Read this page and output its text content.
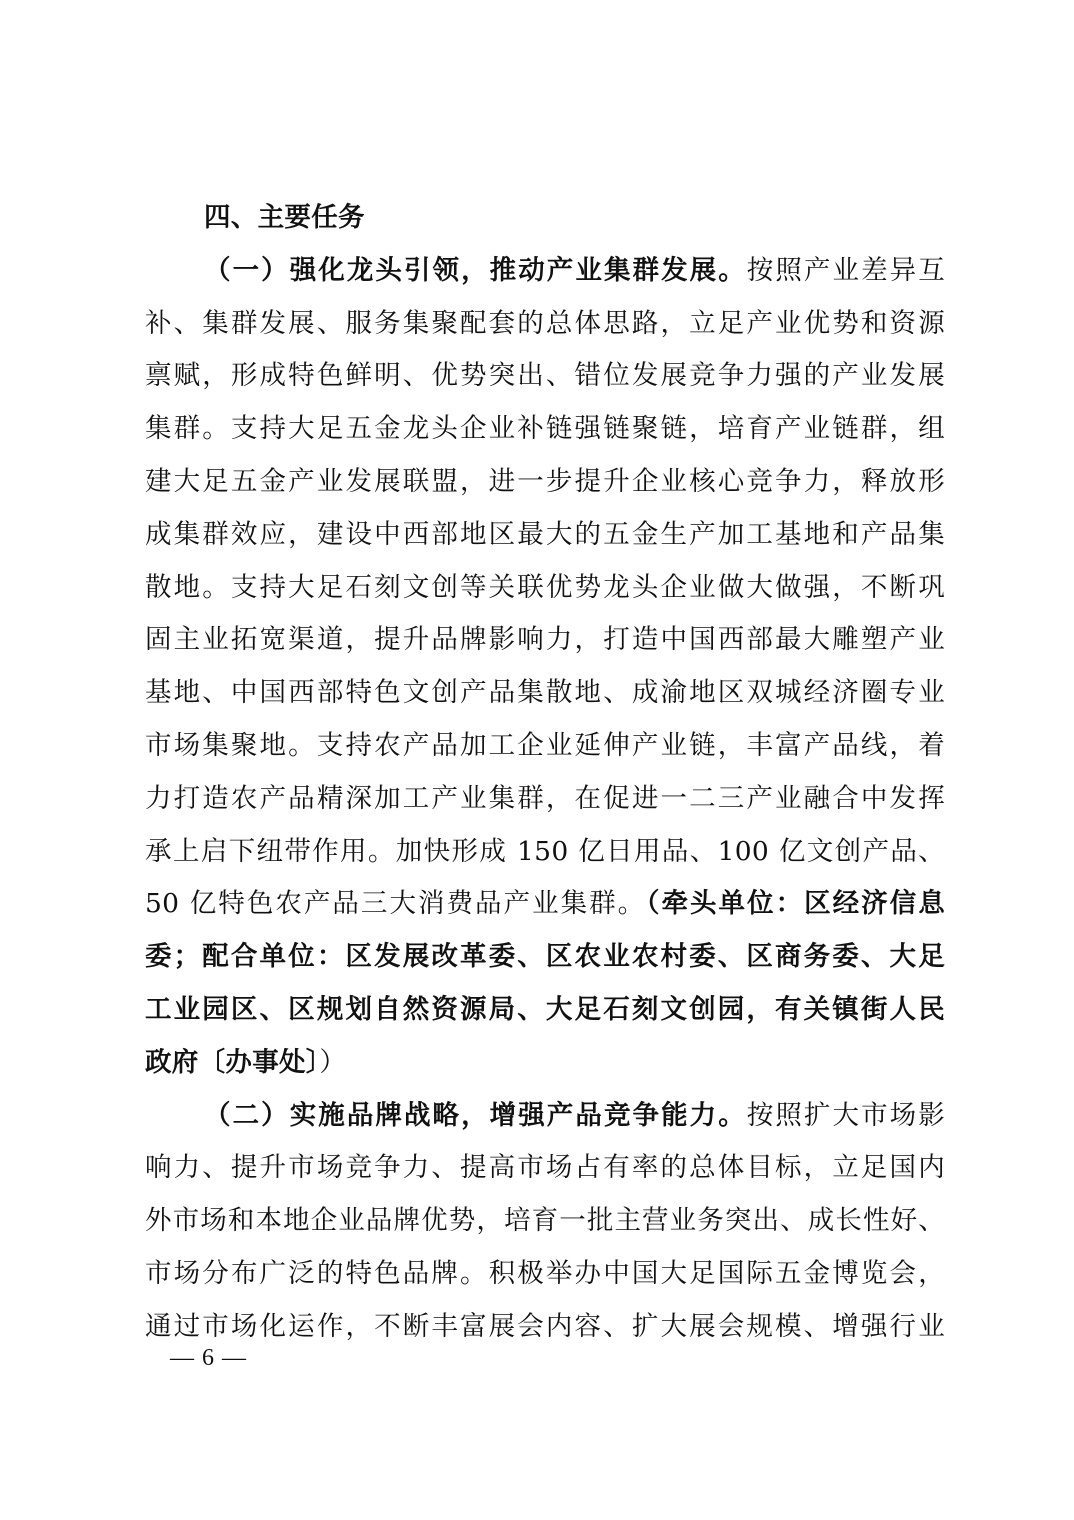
四、主要任务
（一）强化龙头引领，推动产业集群发展。按照产业差异互
补、集群发展、服务集聚配套的总体思路，立足产业优势和资源
禀赋，形成特色鲜明、优势突出、错位发展竞争力强的产业发展
集群。支持大足五金龙头企业补链强链聚链，培育产业链群，组
建大足五金产业发展联盟，进一步提升企业核心竞争力，释放形
成集群效应，建设中西部地区最大的五金生产加工基地和产品集
散地。支持大足石刻文创等关联优势龙头企业做大做强，不断巩
固主业拓宽渠道，提升品牌影响力，打造中国西部最大雕塑产业
基地、中国西部特色文创产品集散地、成渝地区双城经济圈专业
市场集聚地。支持农产品加工企业延伸产业链，丰富产品线，着
力打造农产品精深加工产业集群，在促进一二三产业融合中发挥
承上启下纽带作用。加快形成 150 亿日用品、100 亿文创产品、
50 亿特色农产品三大消费品产业集群。（牵头单位：区经济信息
委；配合单位：区发展改革委、区农业农村委、区商务委、大足
工业园区、区规划自然资源局、大足石刻文创园，有关镇街人民
政府〔办事处〕）
（二）实施品牌战略，增强产品竞争能力。按照扩大市场影
响力、提升市场竞争力、提高市场占有率的总体目标，立足国内
外市场和本地企业品牌优势，培育一批主营业务突出、成长性好、
市场分布广泛的特色品牌。积极举办中国大足国际五金博览会，
通过市场化运作，不断丰富展会内容、扩大展会规模、增强行业
— 6 —
